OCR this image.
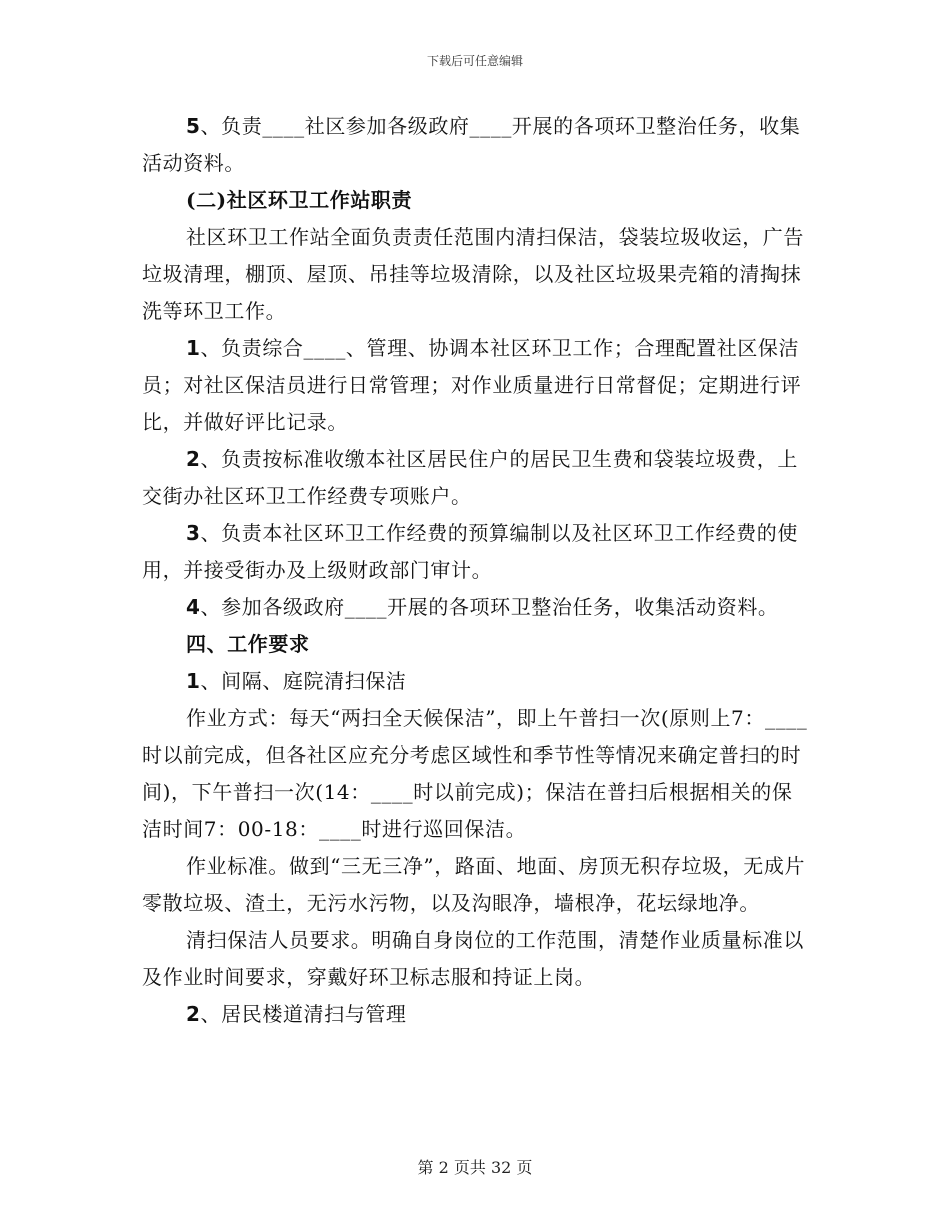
下载后可任意编辑

5、负责____社区参加各级政府____开展的各项环卫整治任务，收集活动资料。

(二)社区环卫工作站职责

社区环卫工作站全面负责责任范围内清扫保洁，袋装垃圾收运，广告垃圾清理，棚顶、屋顶、吊挂等垃圾清除，以及社区垃圾果壳箱的清掏抹洗等环卫工作。

1、负责综合____、管理、协调本社区环卫工作；合理配置社区保洁员；对社区保洁员进行日常管理；对作业质量进行日常督促；定期进行评比，并做好评比记录。

2、负责按标准收缴本社区居民住户的居民卫生费和袋装垃圾费，上交街办社区环卫工作经费专项账户。

3、负责本社区环卫工作经费的预算编制以及社区环卫工作经费的使用，并接受街办及上级财政部门审计。

4、参加各级政府____开展的各项环卫整治任务，收集活动资料。

四、工作要求

1、间隔、庭院清扫保洁

作业方式：每天“两扫全天候保洁”，即上午普扫一次(原则上7：____时以前完成，但各社区应充分考虑区域性和季节性等情况来确定普扫的时间)，下午普扫一次(14：____时以前完成)；保洁在普扫后根据相关的保洁时间7：00-18：____时进行巡回保洁。

作业标准。做到“三无三净”，路面、地面、房顶无积存垃圾，无成片零散垃圾、渣土，无污水污物，以及沟眼净，墙根净，花坛绿地净。

清扫保洁人员要求。明确自身岗位的工作范围，清楚作业质量标准以及作业时间要求，穿戴好环卫标志服和持证上岗。

2、居民楼道清扫与管理

第 2 页共 32 页
